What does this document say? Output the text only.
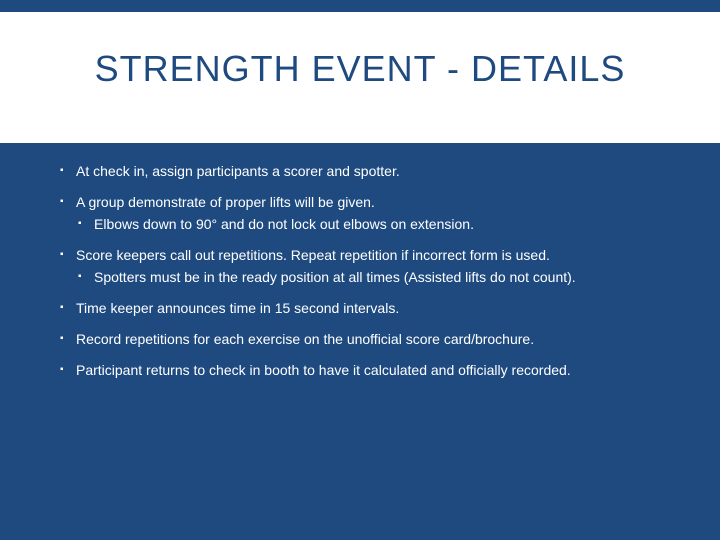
STRENGTH EVENT - DETAILS
▪ At check in, assign participants a scorer and spotter.
▪ A group demonstrate of proper lifts will be given.
▪ Elbows down to 90° and do not lock out elbows on extension.
▪ Score keepers call out repetitions. Repeat repetition if incorrect form is used.
▪ Spotters must be in the ready position at all times (Assisted lifts do not count).
▪ Time keeper announces time in 15 second intervals.
▪ Record repetitions for each exercise on the unofficial score card/brochure.
▪ Participant returns to check in booth to have it calculated and officially recorded.
